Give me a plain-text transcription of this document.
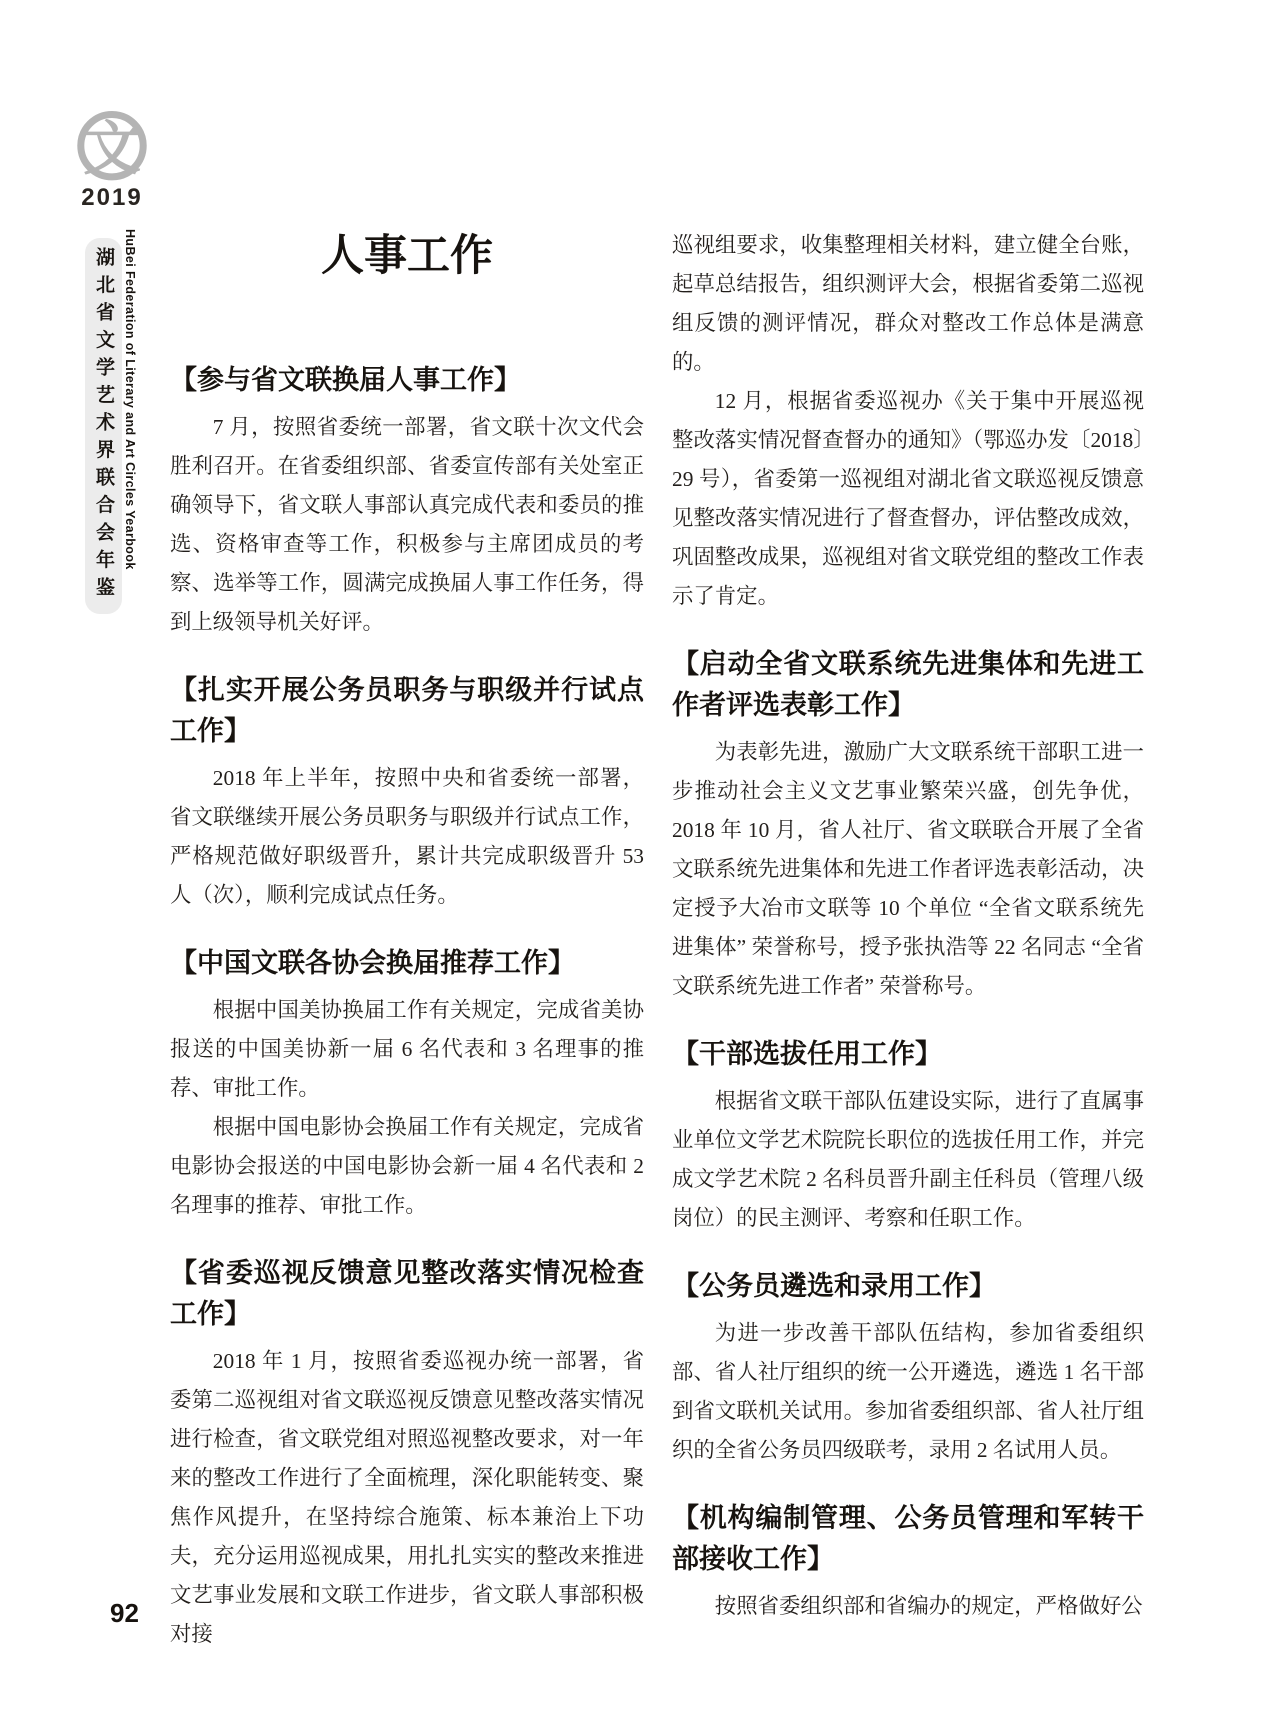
文
2019
湖北省文学艺术界联合会年鉴 HuBei Federation of Literary and Art Circles Yearbook	人事工作
【参与省文联换届人事工作】

7 月，按照省委统一部署，省文联十次文代会胜利召开。在省委组织部、省委宣传部有关处室正确领导下，省文联人事部认真完成代表和委员的推选、资格审查等工作，积极参与主席团成员的考察、选举等工作，圆满完成换届人事工作任务，得到上级领导机关好评。

【扎实开展公务员职务与职级并行试点工作】

2018 年上半年，按照中央和省委统一部署，省文联继续开展公务员职务与职级并行试点工作，严格规范做好职级晋升，累计共完成职级晋升 53 人（次），顺利完成试点任务。

【中国文联各协会换届推荐工作】

根据中国美协换届工作有关规定，完成省美协报送的中国美协新一届 6 名代表和 3 名理事的推荐、审批工作。

根据中国电影协会换届工作有关规定，完成省电影协会报送的中国电影协会新一届 4 名代表和 2 名理事的推荐、审批工作。

【省委巡视反馈意见整改落实情况检查工作】

2018 年 1 月，按照省委巡视办统一部署，省委第二巡视组对省文联巡视反馈意见整改落实情况进行检查，省文联党组对照巡视整改要求，对一年来的整改工作进行了全面梳理，深化职能转变、聚焦作风提升，在坚持综合施策、标本兼治上下功夫，充分运用巡视成果，用扎扎实实的整改来推进文艺事业发展和文联工作进步，省文联人事部积极对接

巡视组要求，收集整理相关材料，建立健全台账，起草总结报告，组织测评大会，根据省委第二巡视组反馈的测评情况，群众对整改工作总体是满意的。

12 月，根据省委巡视办《关于集中开展巡视整改落实情况督查督办的通知》（鄂巡办发〔2018〕29 号），省委第一巡视组对湖北省文联巡视反馈意见整改落实情况进行了督查督办，评估整改成效，巩固整改成果，巡视组对省文联党组的整改工作表示了肯定。

【启动全省文联系统先进集体和先进工作者评选表彰工作】

为表彰先进，激励广大文联系统干部职工进一步推动社会主义文艺事业繁荣兴盛，创先争优，2018 年 10 月，省人社厅、省文联联合开展了全省文联系统先进集体和先进工作者评选表彰活动，决定授予大冶市文联等 10 个单位 “全省文联系统先进集体” 荣誉称号，授予张执浩等 22 名同志 “全省文联系统先进工作者” 荣誉称号。

【干部选拔任用工作】

根据省文联干部队伍建设实际，进行了直属事业单位文学艺术院院长职位的选拔任用工作，并完成文学艺术院 2 名科员晋升副主任科员（管理八级岗位）的民主测评、考察和任职工作。

【公务员遴选和录用工作】

为进一步改善干部队伍结构，参加省委组织部、省人社厅组织的统一公开遴选，遴选 1 名干部到省文联机关试用。参加省委组织部、省人社厅组织的全省公务员四级联考，录用 2 名试用人员。

【机构编制管理、公务员管理和军转干部接收工作】

按照省委组织部和省编办的规定，严格做好公

92
